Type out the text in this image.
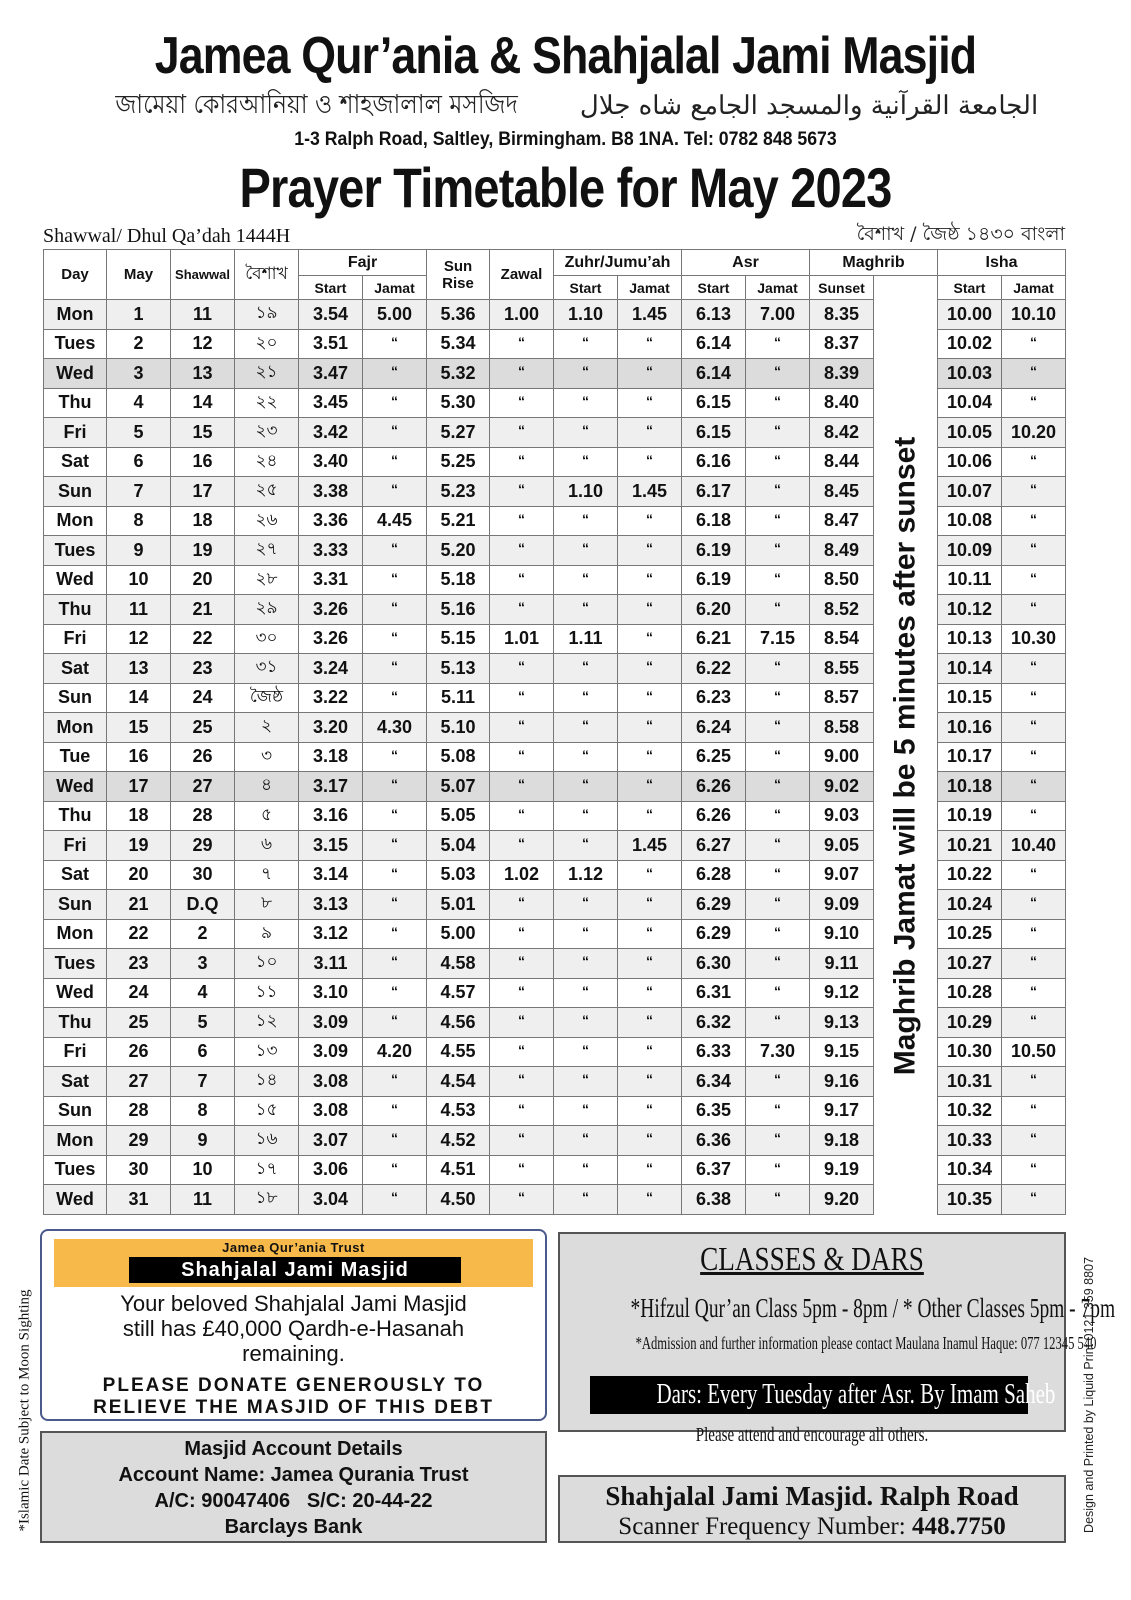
Jamea Qur’ania & Shahjalal Jami Masjid
জামেয়া কোরআনিয়া ও শাহজালাল মসজিদ الجامعة القرآنية والمسجد الجامع شاه جلال
1-3 Ralph Road, Saltley, Birmingham. B8 1NA. Tel: 0782 848 5673
Prayer Timetable for May 2023
Shawwal/ Dhul Qa’dah 1444H	বৈশাখ / জৈষ্ঠ ১৪৩০ বাংলা
Day	May	Shawwal	বৈশাখ	Fajr		Sun Rise	Zawal	Zuhr/Jumu’ah		Asr		Maghrib		Isha	
				Start	Jamat			Start	Jamat	Start	Jamat	Sunset		Start	Jamat
Mon	1	11	১৯	3.54	5.00	5.36	1.00	1.10	1.45	6.13	7.00	8.35		10.00	10.10
Tues	2	12	২০	3.51	“	5.34	“	“	“	6.14	“	8.37		10.02	“
Wed	3	13	২১	3.47	“	5.32	“	“	“	6.14	“	8.39		10.03	“
Thu	4	14	২২	3.45	“	5.30	“	“	“	6.15	“	8.40		10.04	“
Fri	5	15	২৩	3.42	“	5.27	“	“	“	6.15	“	8.42		10.05	10.20
Sat	6	16	২৪	3.40	“	5.25	“	“	“	6.16	“	8.44		10.06	“
Sun	7	17	২৫	3.38	“	5.23	“	1.10	1.45	6.17	“	8.45		10.07	“
Mon	8	18	২৬	3.36	4.45	5.21	“	“	“	6.18	“	8.47		10.08	“
Tues	9	19	২৭	3.33	“	5.20	“	“	“	6.19	“	8.49		10.09	“
Wed	10	20	২৮	3.31	“	5.18	“	“	“	6.19	“	8.50		10.11	“
Thu	11	21	২৯	3.26	“	5.16	“	“	“	6.20	“	8.52		10.12	“
Fri	12	22	৩০	3.26	“	5.15	1.01	1.11	“	6.21	7.15	8.54		10.13	10.30
Sat	13	23	৩১	3.24	“	5.13	“	“	“	6.22	“	8.55		10.14	“
Sun	14	24	জৈষ্ঠ	3.22	“	5.11	“	“	“	6.23	“	8.57		10.15	“
Mon	15	25	২	3.20	4.30	5.10	“	“	“	6.24	“	8.58		10.16	“
Tue	16	26	৩	3.18	“	5.08	“	“	“	6.25	“	9.00		10.17	“
Wed	17	27	৪	3.17	“	5.07	“	“	“	6.26	“	9.02		10.18	“
Thu	18	28	৫	3.16	“	5.05	“	“	“	6.26	“	9.03		10.19	“
Fri	19	29	৬	3.15	“	5.04	“	“	1.45	6.27	“	9.05		10.21	10.40
Sat	20	30	৭	3.14	“	5.03	1.02	1.12	“	6.28	“	9.07		10.22	“
Sun	21	D.Q	৮	3.13	“	5.01	“	“	“	6.29	“	9.09		10.24	“
Mon	22	2	৯	3.12	“	5.00	“	“	“	6.29	“	9.10		10.25	“
Tues	23	3	১০	3.11	“	4.58	“	“	“	6.30	“	9.11		10.27	“
Wed	24	4	১১	3.10	“	4.57	“	“	“	6.31	“	9.12		10.28	“
Thu	25	5	১২	3.09	“	4.56	“	“	“	6.32	“	9.13		10.29	“
Fri	26	6	১৩	3.09	4.20	4.55	“	“	“	6.33	7.30	9.15		10.30	10.50
Sat	27	7	১৪	3.08	“	4.54	“	“	“	6.34	“	9.16		10.31	“
Sun	28	8	১৫	3.08	“	4.53	“	“	“	6.35	“	9.17		10.32	“
Mon	29	9	১৬	3.07	“	4.52	“	“	“	6.36	“	9.18		10.33	“
Tues	30	10	১৭	3.06	“	4.51	“	“	“	6.37	“	9.19		10.34	“
Wed	31	11	১৮	3.04	“	4.50	“	“	“	6.38	“	9.20		10.35	“
Maghrib Jamat will be 5 minutes after sunset
*Islamic Date Subject to Moon Sighting	Design and Printed by Liquid Print 0121 359 8807
Jamea Qur’ania Trust
Shahjalal Jami Masjid
Your beloved Shahjalal Jami Masjid
still has £40,000 Qardh-e-Hasanah
remaining.
PLEASE DONATE GENEROUSLY TO
RELIEVE THE MASJID OF THIS DEBT
Masjid Account Details
Account Name: Jamea Qurania Trust
A/C: 90047406   S/C: 20-44-22
Barclays Bank
CLASSES & DARS
*Hifzul Qur’an Class 5pm - 8pm / * Other Classes 5pm - 7pm
*Admission and further information please contact Maulana Inamul Haque: 077 12345 540
Dars: Every Tuesday after Asr. By Imam Saheb
Please attend and encourage all others.
Shahjalal Jami Masjid. Ralph Road
Scanner Frequency Number: 448.7750
